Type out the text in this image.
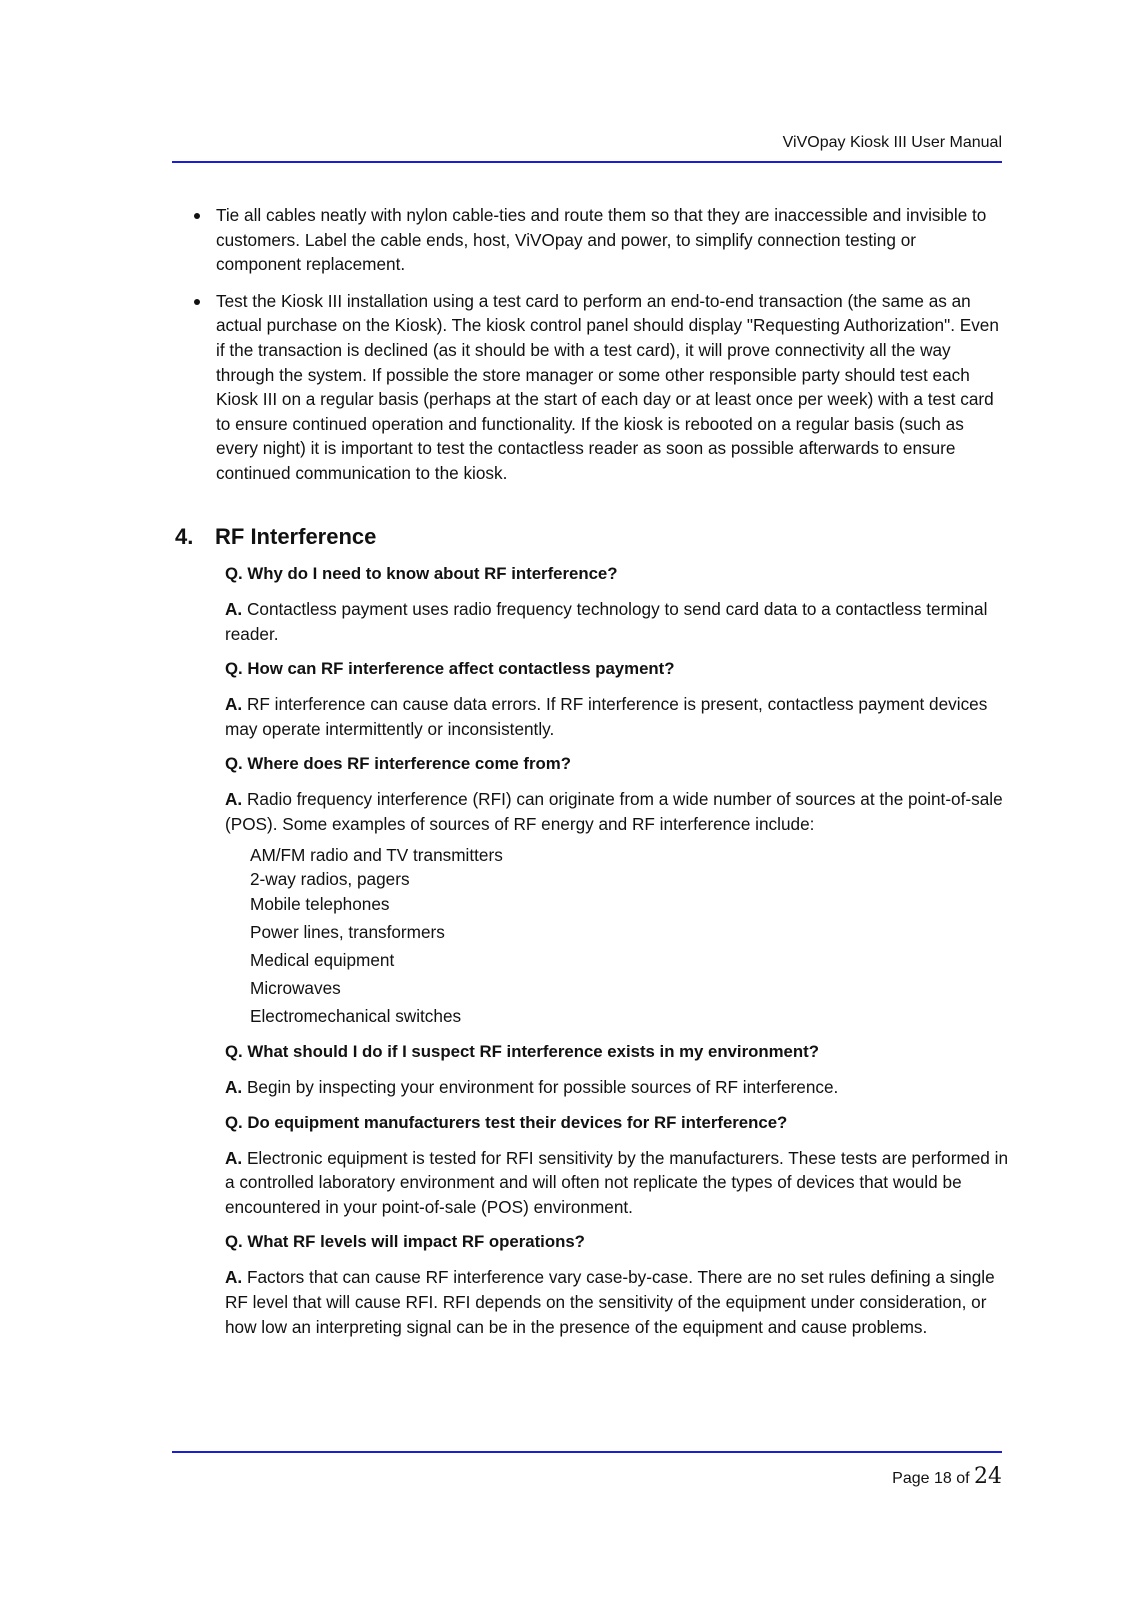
ViVOpay Kiosk III User Manual
Tie all cables neatly with nylon cable-ties and route them so that they are inaccessible and invisible to customers. Label the cable ends, host, ViVOpay and power, to simplify connection testing or component replacement.
Test the Kiosk III installation using a test card to perform an end-to-end transaction (the same as an actual purchase on the Kiosk). The kiosk control panel should display "Requesting Authorization". Even if the transaction is declined (as it should be with a test card), it will prove connectivity all the way through the system. If possible the store manager or some other responsible party should test each Kiosk III on a regular basis (perhaps at the start of each day or at least once per week) with a test card to ensure continued operation and functionality. If the kiosk is rebooted on a regular basis (such as every night) it is important to test the contactless reader as soon as possible afterwards to ensure continued communication to the kiosk.
4. RF Interference

Q. Why do I need to know about RF interference?

A. Contactless payment uses radio frequency technology to send card data to a contactless terminal reader.

Q. How can RF interference affect contactless payment?

A. RF interference can cause data errors. If RF interference is present, contactless payment devices may operate intermittently or inconsistently.

Q. Where does RF interference come from?

A. Radio frequency interference (RFI) can originate from a wide number of sources at the point-of-sale (POS). Some examples of sources of RF energy and RF interference include:

AM/FM radio and TV transmitters
2-way radios, pagers
Mobile telephones
Power lines, transformers
Medical equipment
Microwaves
Electromechanical switches

Q. What should I do if I suspect RF interference exists in my environment?

A. Begin by inspecting your environment for possible sources of RF interference.

Q. Do equipment manufacturers test their devices for RF interference?

A. Electronic equipment is tested for RFI sensitivity by the manufacturers. These tests are performed in a controlled laboratory environment and will often not replicate the types of devices that would be encountered in your point-of-sale (POS) environment.

Q. What RF levels will impact RF operations?

A. Factors that can cause RF interference vary case-by-case. There are no set rules defining a single RF level that will cause RFI. RFI depends on the sensitivity of the equipment under consideration, or how low an interpreting signal can be in the presence of the equipment and cause problems.

Page 18 of 24
